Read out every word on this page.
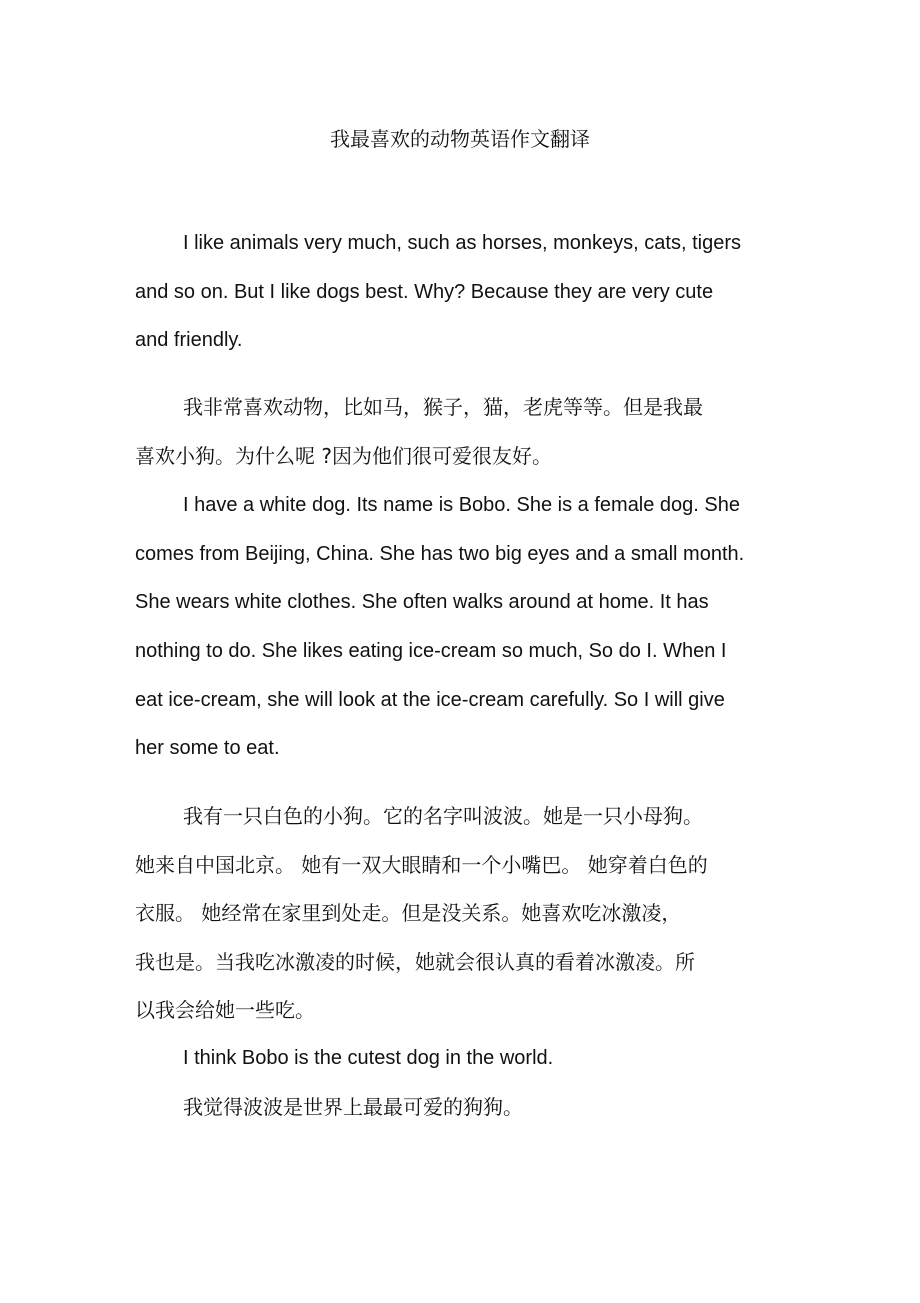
我最喜欢的动物英语作文翻译
I like animals very much, such as horses, monkeys, cats, tigers
and so on. But I like dogs best. Why? Because they are very cute
and friendly.
我非常喜欢动物，比如马，猴子，猫，老虎等等。但是我最
喜欢小狗。为什么呢 ?因为他们很可爱很友好。
I have a white dog. Its name is Bobo. She is a female dog. She
comes from Beijing, China. She has two big eyes and a small month.
She wears white clothes. She often walks around at home. It has
nothing to do. She likes eating ice-cream so much, So do I. When I
eat ice-cream, she will look at the ice-cream carefully. So I will give
her some to eat.
我有一只白色的小狗。它的名字叫波波。她是一只小母狗。
她来自中国北京。 她有一双大眼睛和一个小嘴巴。 她穿着白色的
衣服。 她经常在家里到处走。但是没关系。她喜欢吃冰激凌，
我也是。当我吃冰激凌的时候，她就会很认真的看着冰激凌。所
以我会给她一些吃。
I think Bobo is the cutest dog in the world.
我觉得波波是世界上最最可爱的狗狗。
